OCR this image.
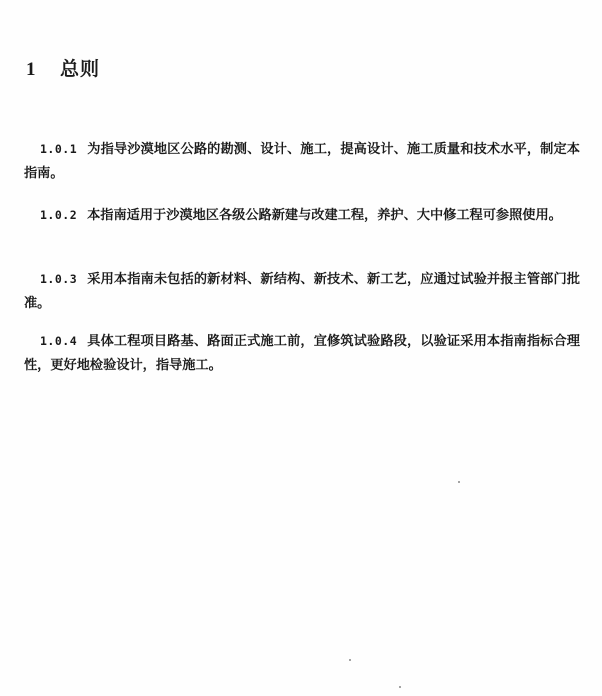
1 总则

1.0.1 为指导沙漠地区公路的勘测、设计、施工，提高设计、施工质量和技术水平，制定本指南。

1.0.2 本指南适用于沙漠地区各级公路新建与改建工程，养护、大中修工程可参照使用。

1.0.3 采用本指南未包括的新材料、新结构、新技术、新工艺，应通过试验并报主管部门批准。

1.0.4 具体工程项目路基、路面正式施工前，宜修筑试验路段，以验证采用本指南指标合理性，更好地检验设计，指导施工。
